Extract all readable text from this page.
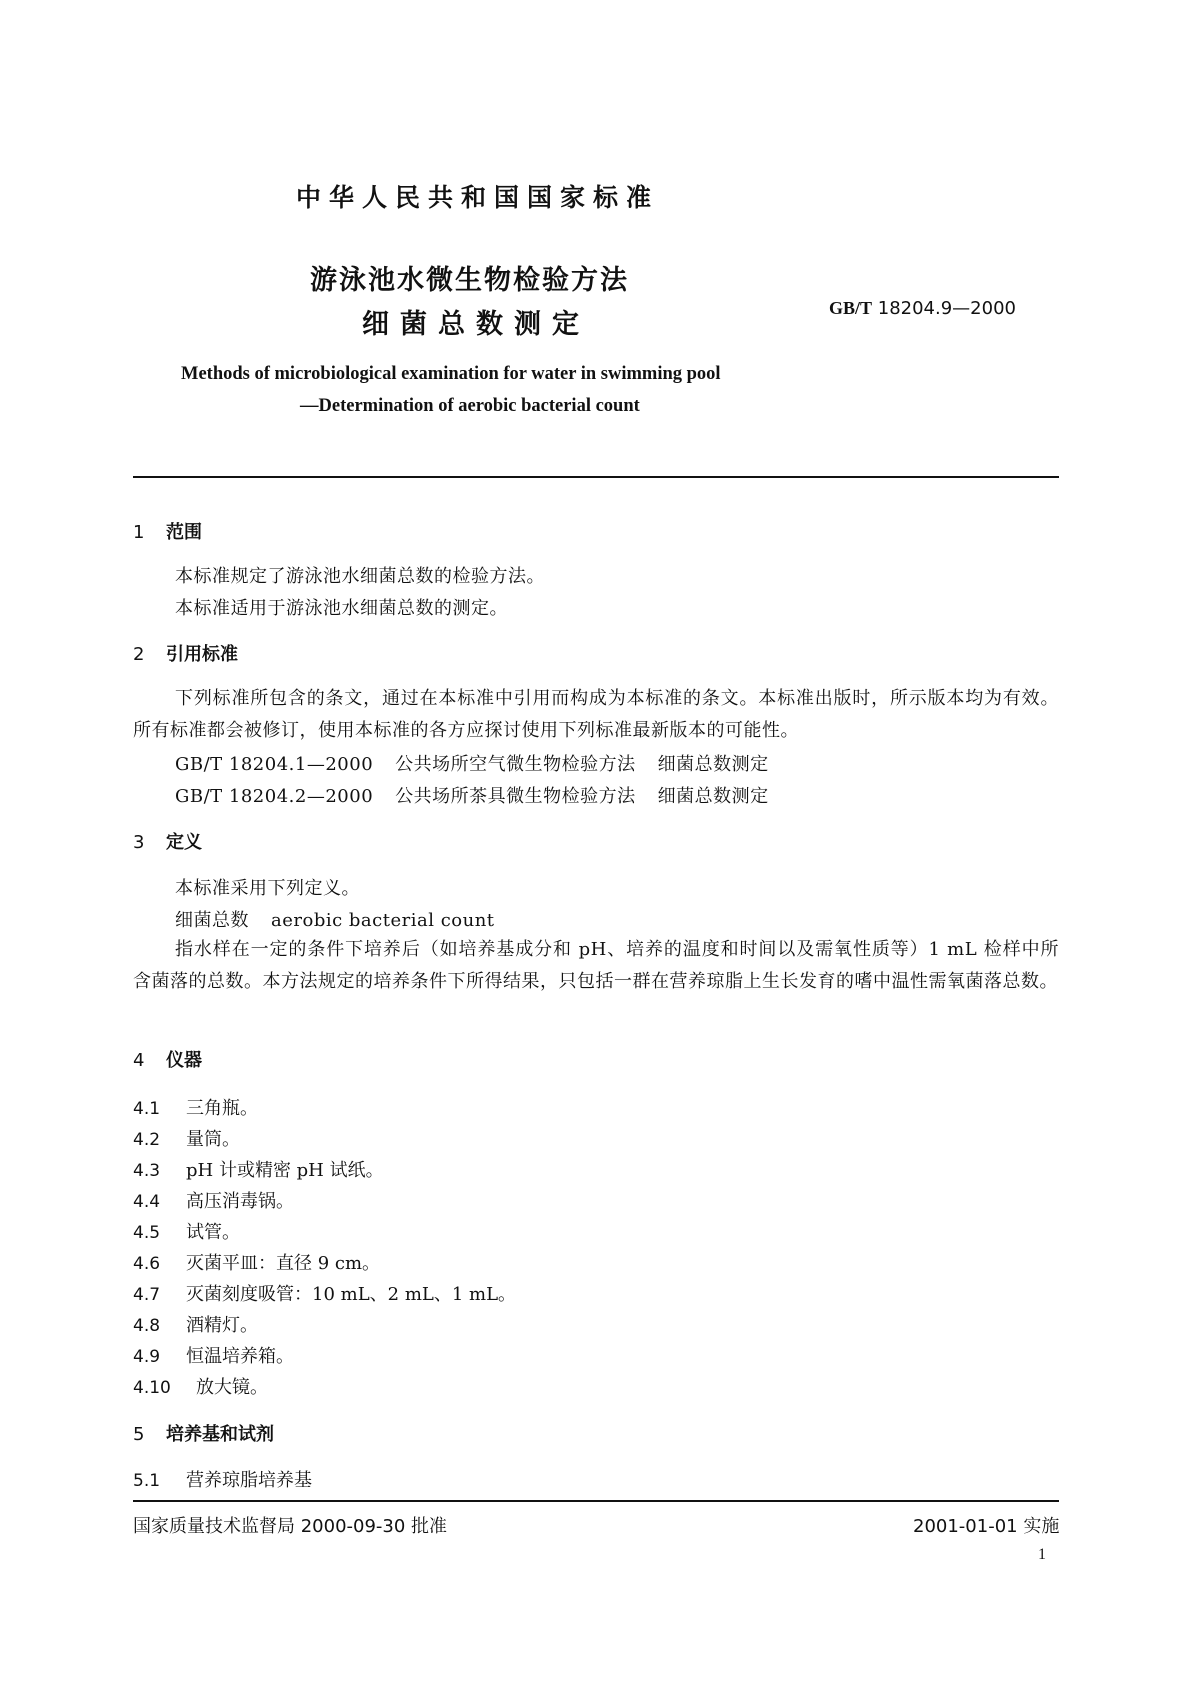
中华人民共和国国家标准
游泳池水微生物检验方法
细菌总数测定
GB/T 18204.9—2000
Methods of microbiological examination for water in swimming pool
—Determination of aerobic bacterial count
1 范围
本标准规定了游泳池水细菌总数的检验方法。
本标准适用于游泳池水细菌总数的测定。
2 引用标准
下列标准所包含的条文，通过在本标准中引用而构成为本标准的条文。本标准出版时，所示版本均为有效。所有标准都会被修订，使用本标准的各方应探讨使用下列标准最新版本的可能性。
GB/T 18204.1—2000 公共场所空气微生物检验方法 细菌总数测定
GB/T 18204.2—2000 公共场所茶具微生物检验方法 细菌总数测定
3 定义
本标准采用下列定义。
细菌总数 aerobic bacterial count
指水样在一定的条件下培养后（如培养基成分和 pH、培养的温度和时间以及需氧性质等）1 mL 检样中所含菌落的总数。本方法规定的培养条件下所得结果，只包括一群在营养琼脂上生长发育的嗜中温性需氧菌落总数。
4 仪器
4.1 三角瓶。
4.2 量筒。
4.3 pH 计或精密 pH 试纸。
4.4 高压消毒锅。
4.5 试管。
4.6 灭菌平皿：直径 9 cm。
4.7 灭菌刻度吸管：10 mL、2 mL、1 mL。
4.8 酒精灯。
4.9 恒温培养箱。
4.10 放大镜。
5 培养基和试剂
5.1 营养琼脂培养基
国家质量技术监督局 2000-09-30 批准	2001-01-01 实施
1
